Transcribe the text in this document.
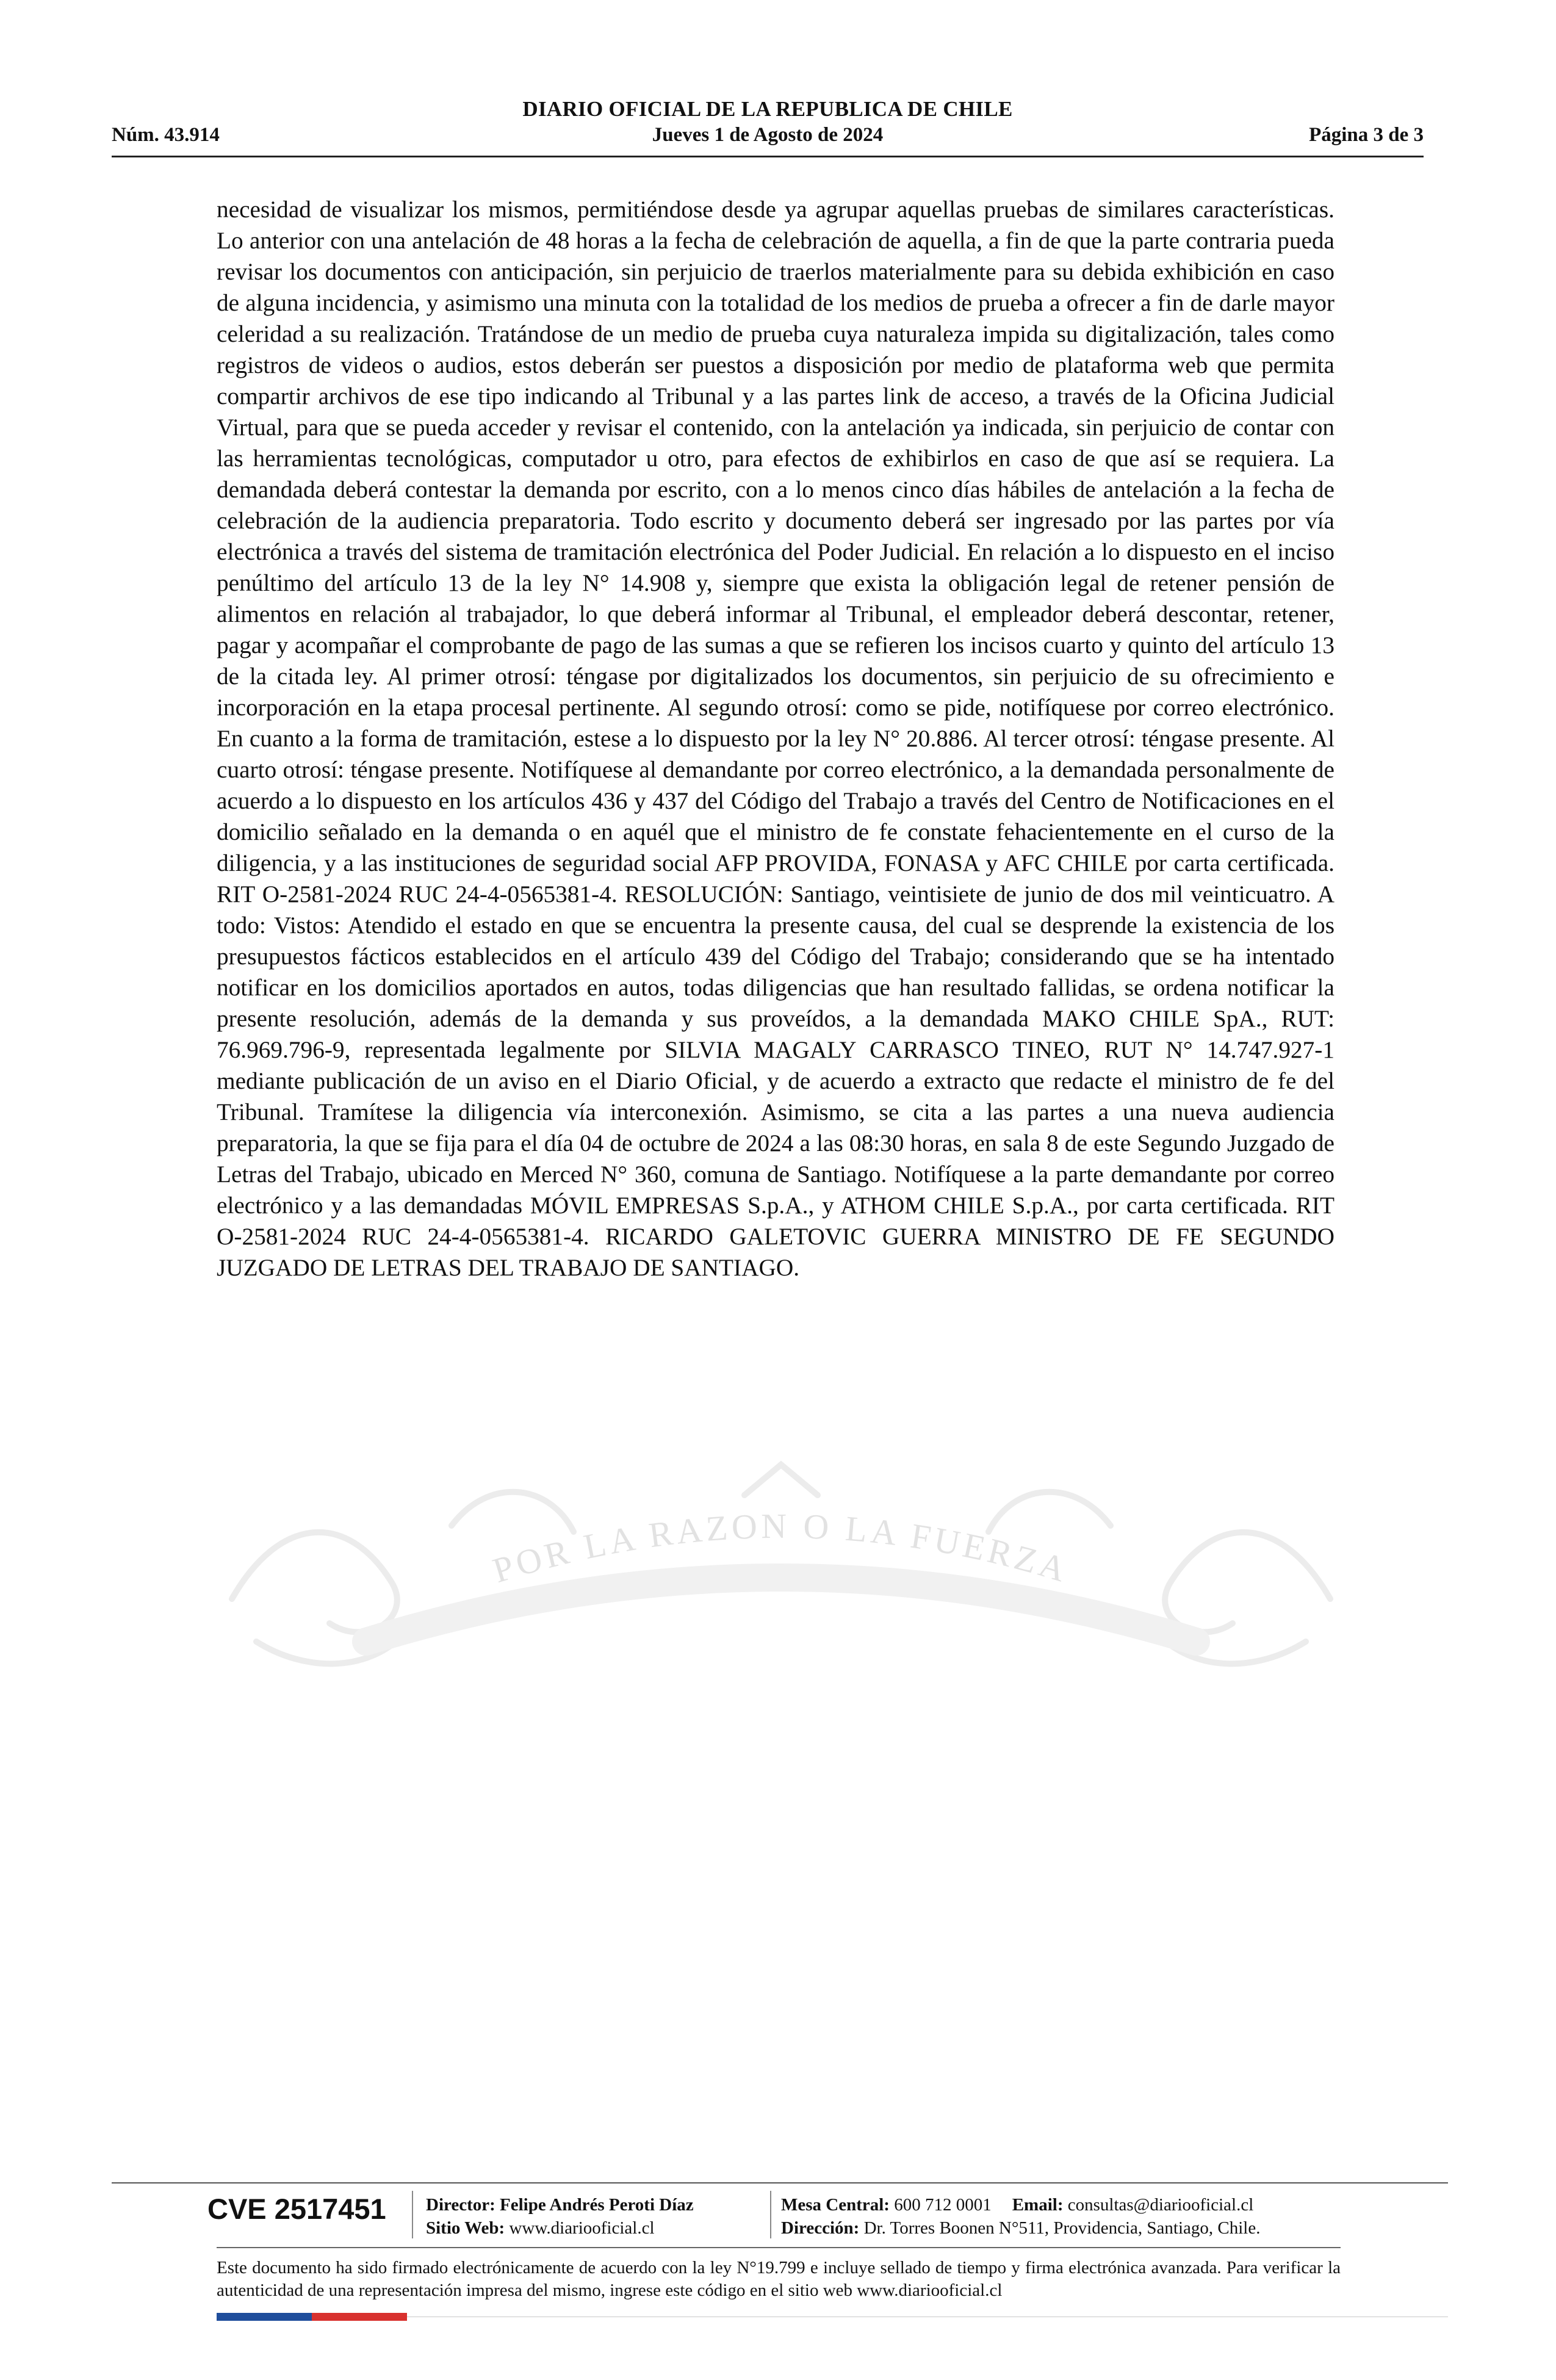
DIARIO OFICIAL DE LA REPUBLICA DE CHILE
Núm. 43.914	Jueves 1 de Agosto de 2024	Página 3 de 3
POR LA RAZON O LA FUERZA

necesidad de visualizar los mismos, permitiéndose desde ya agrupar aquellas pruebas de similares características. Lo anterior con una antelación de 48 horas a la fecha de celebración de aquella, a fin de que la parte contraria pueda revisar los documentos con anticipación, sin perjuicio de traerlos materialmente para su debida exhibición en caso de alguna incidencia, y asimismo una minuta con la totalidad de los medios de prueba a ofrecer a fin de darle mayor celeridad a su realización. Tratándose de un medio de prueba cuya naturaleza impida su digitalización, tales como registros de videos o audios, estos deberán ser puestos a disposición por medio de plataforma web que permita compartir archivos de ese tipo indicando al Tribunal y a las partes link de acceso, a través de la Oficina Judicial Virtual, para que se pueda acceder y revisar el contenido, con la antelación ya indicada, sin perjuicio de contar con las herramientas tecnológicas, computador u otro, para efectos de exhibirlos en caso de que así se requiera. La demandada deberá contestar la demanda por escrito, con a lo menos cinco días hábiles de antelación a la fecha de celebración de la audiencia preparatoria. Todo escrito y documento deberá ser ingresado por las partes por vía electrónica a través del sistema de tramitación electrónica del Poder Judicial. En relación a lo dispuesto en el inciso penúltimo del artículo 13 de la ley N° 14.908 y, siempre que exista la obligación legal de retener pensión de alimentos en relación al trabajador, lo que deberá informar al Tribunal, el empleador deberá descontar, retener, pagar y acompañar el comprobante de pago de las sumas a que se refieren los incisos cuarto y quinto del artículo 13 de la citada ley. Al primer otrosí: téngase por digitalizados los documentos, sin perjuicio de su ofrecimiento e incorporación en la etapa procesal pertinente. Al segundo otrosí: como se pide, notifíquese por correo electrónico. En cuanto a la forma de tramitación, estese a lo dispuesto por la ley N° 20.886. Al tercer otrosí: téngase presente. Al cuarto otrosí: téngase presente. Notifíquese al demandante por correo electrónico, a la demandada personalmente de acuerdo a lo dispuesto en los artículos 436 y 437 del Código del Trabajo a través del Centro de Notificaciones en el domicilio señalado en la demanda o en aquél que el ministro de fe constate fehacientemente en el curso de la diligencia, y a las instituciones de seguridad social AFP PROVIDA, FONASA y AFC CHILE por carta certificada. RIT O-2581-2024 RUC 24-4-0565381-4. RESOLUCIÓN: Santiago, veintisiete de junio de dos mil veinticuatro. A todo: Vistos: Atendido el estado en que se encuentra la presente causa, del cual se desprende la existencia de los presupuestos fácticos establecidos en el artículo 439 del Código del Trabajo; considerando que se ha intentado notificar en los domicilios aportados en autos, todas diligencias que han resultado fallidas, se ordena notificar la presente resolución, además de la demanda y sus proveídos, a la demandada MAKO CHILE SpA., RUT: 76.969.796-9, representada legalmente por SILVIA MAGALY CARRASCO TINEO, RUT N° 14.747.927-1 mediante publicación de un aviso en el Diario Oficial, y de acuerdo a extracto que redacte el ministro de fe del Tribunal. Tramítese la diligencia vía interconexión. Asimismo, se cita a las partes a una nueva audiencia preparatoria, la que se fija para el día 04 de octubre de 2024 a las 08:30 horas, en sala 8 de este Segundo Juzgado de Letras del Trabajo, ubicado en Merced N° 360, comuna de Santiago. Notifíquese a la parte demandante por correo electrónico y a las demandadas MÓVIL EMPRESAS S.p.A., y ATHOM CHILE S.p.A., por carta certificada. RIT O-2581-2024 RUC 24-4-0565381-4. RICARDO GALETOVIC GUERRA MINISTRO DE FE SEGUNDO JUZGADO DE LETRAS DEL TRABAJO DE SANTIAGO.

CVE 2517451	Director: Felipe Andrés Peroti Díaz
Sitio Web: www.diariooficial.cl
Mesa Central: 600 712 0001 Email: consultas@diariooficial.cl
Dirección: Dr. Torres Boonen N°511, Providencia, Santiago, Chile.

Este documento ha sido firmado electrónicamente de acuerdo con la ley N°19.799 e incluye sellado de tiempo y firma electrónica avanzada. Para verificar la autenticidad de una representación impresa del mismo, ingrese este código en el sitio web www.diariooficial.cl
